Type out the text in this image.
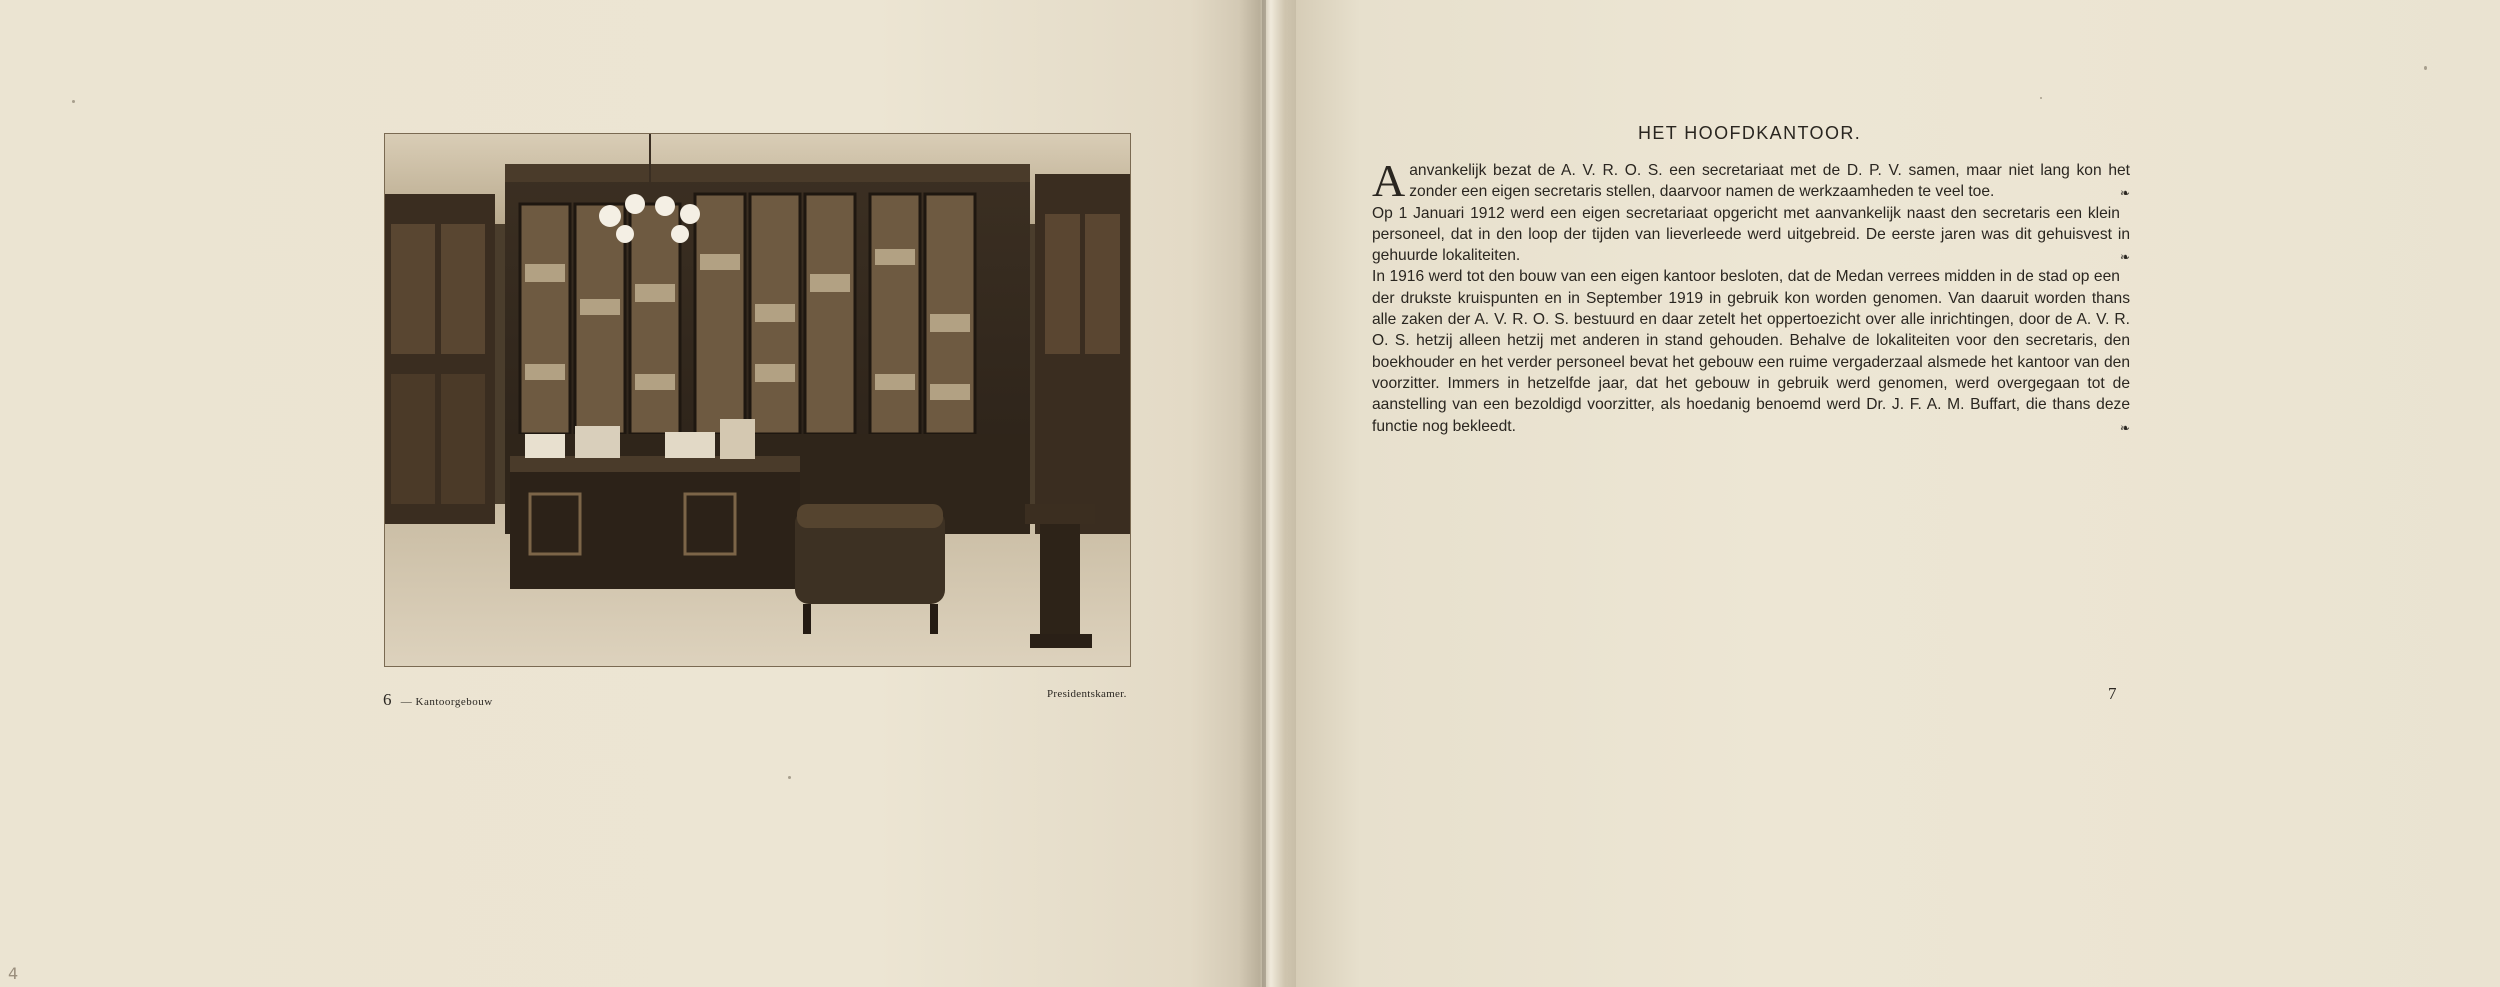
6 — Kantoorgebouw
Presidentskamer.
4
HET HOOFDKANTOOR.

Aanvankelijk bezat de A. V. R. O. S. een secretariaat met de D. P. V. samen, maar niet lang kon het zonder een eigen secretaris stellen, daarvoor namen de werkzaamheden te veel toe.	❧

Op 1 Januari 1912 werd een eigen secretariaat opgericht met aanvankelijk naast den secretaris een klein personeel, dat in den loop der tijden van lieverleede werd uitgebreid. De eerste jaren was dit gehuisvest in gehuurde lokaliteiten.	❧

In 1916 werd tot den bouw van een eigen kantoor besloten, dat de Medan verrees midden in de stad op een der drukste kruispunten en in September 1919 in gebruik kon worden genomen. Van daaruit worden thans alle zaken der A. V. R. O. S. bestuurd en daar zetelt het oppertoezicht over alle inrichtingen, door de A. V. R. O. S. hetzij alleen hetzij met anderen in stand gehouden. Behalve de lokaliteiten voor den secretaris, den boekhouder en het verder personeel bevat het gebouw een ruime vergaderzaal alsmede het kantoor van den voorzitter. Immers in hetzelfde jaar, dat het gebouw in gebruik werd genomen, werd overgegaan tot de aanstelling van een bezoldigd voorzitter, als hoedanig benoemd werd Dr. J. F. A. M. Buffart, die thans deze functie nog bekleedt.	❧

7
